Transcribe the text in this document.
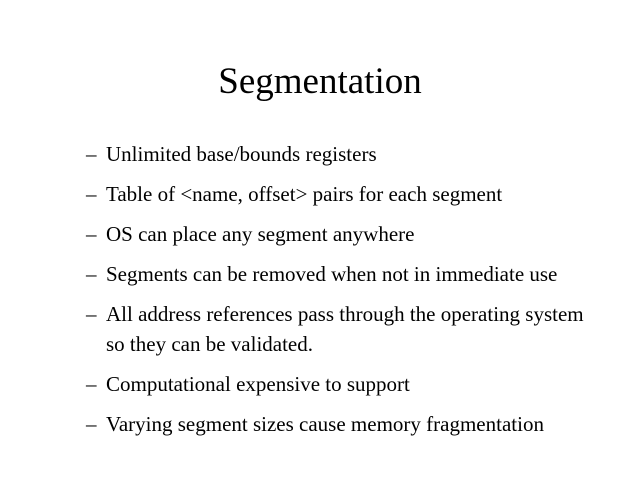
Segmentation
– Unlimited base/bounds registers
– Table of <name, offset> pairs for each segment
– OS can place any segment anywhere
– Segments can be removed when not in immediate use
– All address references pass through the operating system so they can be validated.
– Computational expensive to support
– Varying segment sizes cause memory fragmentation
